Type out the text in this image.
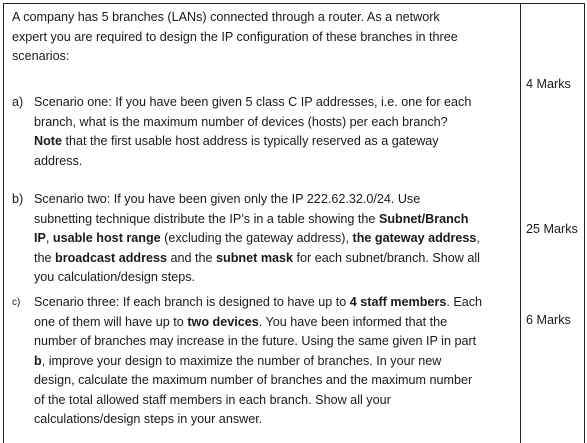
A company has 5 branches (LANs) connected through a router. As a network
expert you are required to design the IP configuration of these branches in three
scenarios:
4 Marks
25 Marks
6 Marks
a) Scenario one: If you have been given 5 class C IP addresses, i.e. one for each
branch, what is the maximum number of devices (hosts) per each branch?
Note that the first usable host address is typically reserved as a gateway
address.
b) Scenario two: If you have been given only the IP 222.62.32.0/24. Use
subnetting technique distribute the IP’s in a table showing the Subnet/Branch
IP, usable host range (excluding the gateway address), the gateway address,
the broadcast address and the subnet mask for each subnet/branch. Show all
you calculation/design steps.
c) Scenario three: If each branch is designed to have up to 4 staff members. Each
one of them will have up to two devices. You have been informed that the
number of branches may increase in the future. Using the same given IP in part
b, improve your design to maximize the number of branches. In your new
design, calculate the maximum number of branches and the maximum number
of the total allowed staff members in each branch. Show all your
calculations/design steps in your answer.
